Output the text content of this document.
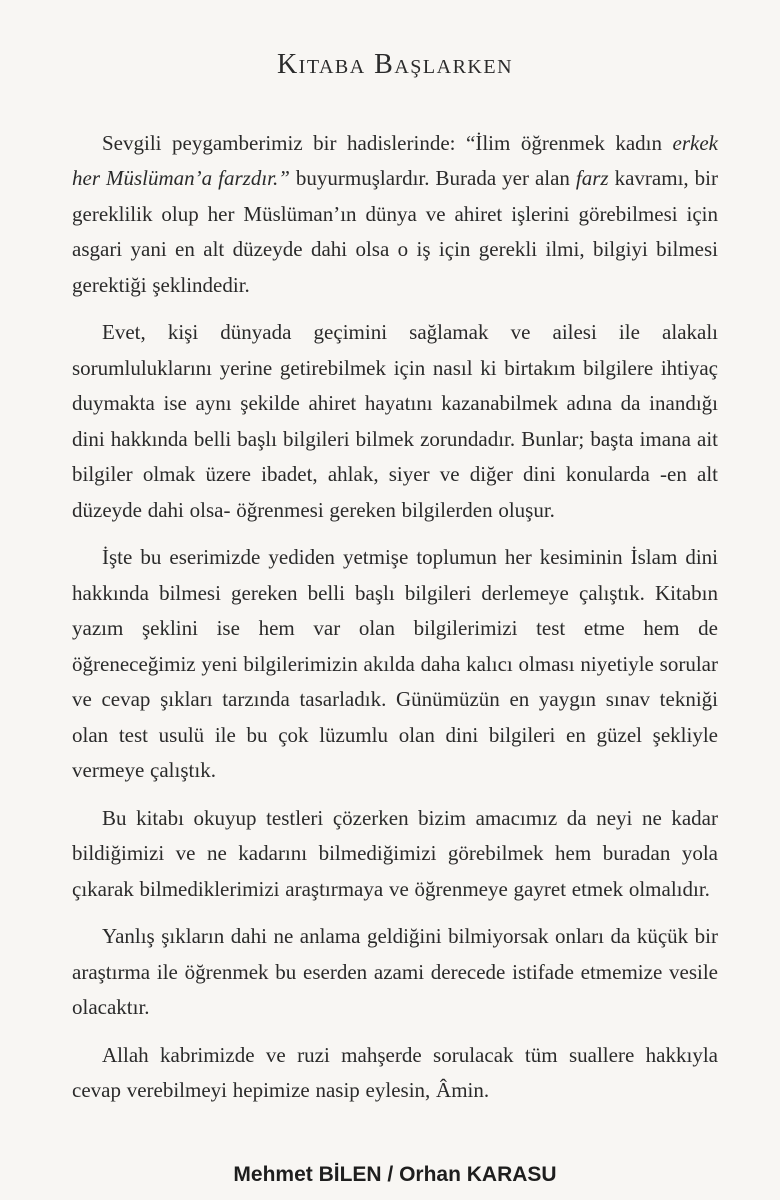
Kitaba Başlarken

Sevgili peygamberimiz bir hadislerinde: “İlim öğrenmek kadın erkek her Müslüman’a farzdır.” buyurmuşlardır. Burada yer alan farz kavramı, bir gereklilik olup her Müslüman’ın dünya ve ahiret işlerini görebilmesi için asgari yani en alt düzeyde dahi olsa o iş için gerekli ilmi, bilgiyi bilmesi gerektiği şeklindedir.

Evet, kişi dünyada geçimini sağlamak ve ailesi ile alakalı sorumluluklarını yerine getirebilmek için nasıl ki birtakım bilgilere ihtiyaç duymakta ise aynı şekilde ahiret hayatını kazanabilmek adına da inandığı dini hakkında belli başlı bilgileri bilmek zorundadır. Bunlar; başta imana ait bilgiler olmak üzere ibadet, ahlak, siyer ve diğer dini konularda -en alt düzeyde dahi olsa- öğrenmesi gereken bilgilerden oluşur.

İşte bu eserimizde yediden yetmişe toplumun her kesiminin İslam dini hakkında bilmesi gereken belli başlı bilgileri derlemeye çalıştık. Kitabın yazım şeklini ise hem var olan bilgilerimizi test etme hem de öğreneceğimiz yeni bilgilerimizin akılda daha kalıcı olması niyetiyle sorular ve cevap şıkları tarzında tasarladık. Günümüzün en yaygın sınav tekniği olan test usulü ile bu çok lüzumlu olan dini bilgileri en güzel şekliyle vermeye çalıştık.

Bu kitabı okuyup testleri çözerken bizim amacımız da neyi ne kadar bildiğimizi ve ne kadarını bilmediğimizi görebilmek hem buradan yola çıkarak bilmediklerimizi araştırmaya ve öğrenmeye gayret etmek olmalıdır.

Yanlış şıkların dahi ne anlama geldiğini bilmiyorsak onları da küçük bir araştırma ile öğrenmek bu eserden azami derecede istifade etmemize vesile olacaktır.

Allah kabrimizde ve ruzi mahşerde sorulacak tüm suallere hakkıyla cevap verebilmeyi hepimize nasip eylesin, Âmin.

Mehmet BİLEN / Orhan KARASU
